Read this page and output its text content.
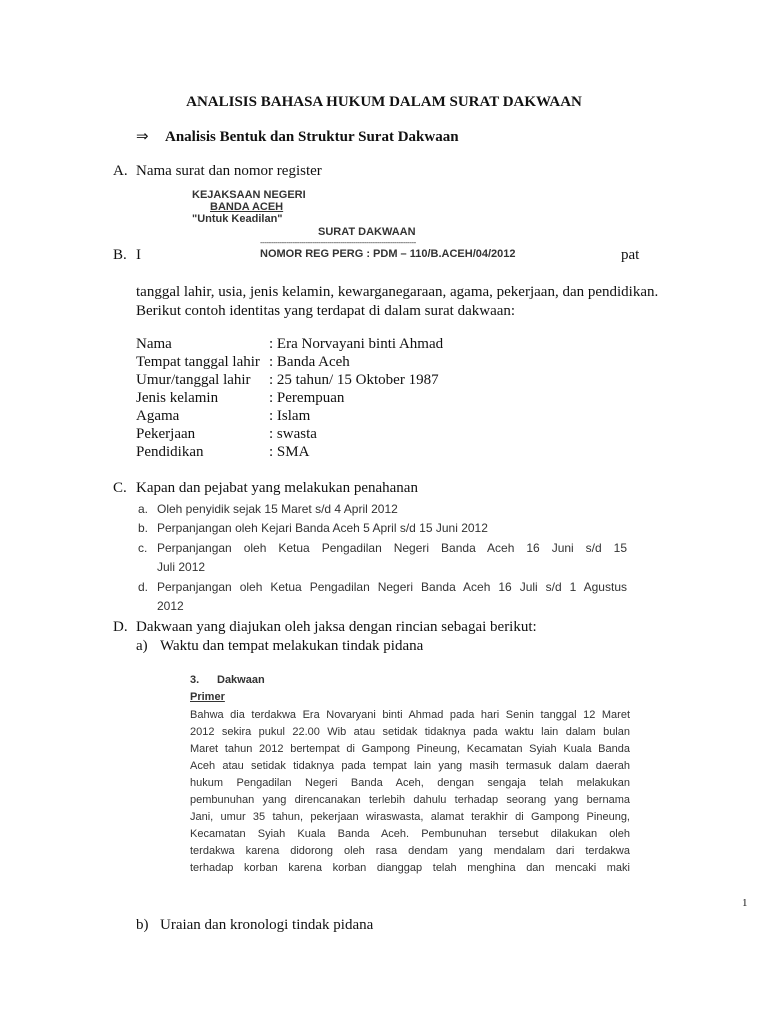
ANALISIS BAHASA HUKUM DALAM SURAT DAKWAAN
⇒ Analisis Bentuk dan Struktur Surat Dakwaan
A. Nama surat dan nomor register
KEJAKSAAN NEGERI
BANDA ACEH
"Untuk Keadilan"
SURAT DAKWAAN
------------------------------------------------------------------------
NOMOR REG PERG : PDM – 110/B.ACEH/04/2012
B. I	pat
tanggal lahir, usia, jenis kelamin, kewarganegaraan, agama, pekerjaan, dan pendidikan.
Berikut contoh identitas yang terdapat di dalam surat dakwaan:
Nama	: Era Norvayani binti Ahmad
Tempat tanggal lahir : Banda Aceh
Umur/tanggal lahir : 25 tahun/ 15 Oktober 1987
Jenis kelamin	: Perempuan
Agama	: Islam
Pekerjaan	: swasta
Pendidikan	: SMA
C. Kapan dan pejabat yang melakukan penahanan
a. Oleh penyidik sejak 15 Maret s/d 4 April 2012
b. Perpanjangan oleh Kejari Banda Aceh 5 April s/d 15 Juni 2012
c. Perpanjangan oleh Ketua Pengadilan Negeri Banda Aceh 16 Juni s/d 15
Juli 2012
d. Perpanjangan oleh Ketua Pengadilan Negeri Banda Aceh 16 Juli s/d 1 Agustus
2012
D. Dakwaan yang diajukan oleh jaksa dengan rincian sebagai berikut:
a) Waktu dan tempat melakukan tindak pidana
3. Dakwaan
Primer
Bahwa dia terdakwa Era Novaryani binti Ahmad pada hari Senin tanggal 12 Maret
2012 sekira pukul 22.00 Wib atau setidak tidaknya pada waktu lain dalam bulan
Maret tahun 2012 bertempat di Gampong Pineung, Kecamatan Syiah Kuala Banda
Aceh atau setidak tidaknya pada tempat lain yang masih termasuk dalam daerah
hukum Pengadilan Negeri Banda Aceh, dengan sengaja telah melakukan
pembunuhan yang direncanakan terlebih dahulu terhadap seorang yang bernama
Jani, umur 35 tahun, pekerjaan wiraswasta, alamat terakhir di Gampong Pineung,
Kecamatan Syiah Kuala Banda Aceh. Pembunuhan tersebut dilakukan oleh
terdakwa karena didorong oleh rasa dendam yang mendalam dari terdakwa
terhadap korban karena korban dianggap telah menghina dan mencaki maki
1
b) Uraian dan kronologi tindak pidana
